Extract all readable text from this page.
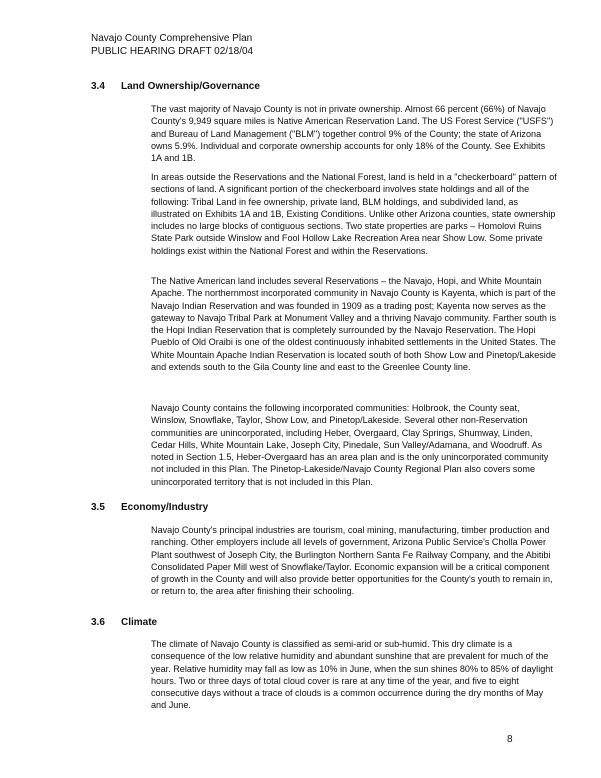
Navajo County Comprehensive Plan
PUBLIC HEARING DRAFT 02/18/04
3.4 Land Ownership/Governance

The vast majority of Navajo County is not in private ownership. Almost 66 percent (66%) of Navajo County's 9,949 square miles is Native American Reservation Land. The US Forest Service ("USFS") and Bureau of Land Management ("BLM") together control 9% of the County; the state of Arizona owns 5.9%. Individual and corporate ownership accounts for only 18% of the County. See Exhibits 1A and 1B.

In areas outside the Reservations and the National Forest, land is held in a "checkerboard" pattern of sections of land. A significant portion of the checkerboard involves state holdings and all of the following: Tribal Land in fee ownership, private land, BLM holdings, and subdivided land, as illustrated on Exhibits 1A and 1B, Existing Conditions. Unlike other Arizona counties, state ownership includes no large blocks of contiguous sections. Two state properties are parks – Homolovi Ruins State Park outside Winslow and Fool Hollow Lake Recreation Area near Show Low. Some private holdings exist within the National Forest and within the Reservations.

The Native American land includes several Reservations – the Navajo, Hopi, and White Mountain Apache. The northernmost incorporated community in Navajo County is Kayenta, which is part of the Navajo Indian Reservation and was founded in 1909 as a trading post; Kayenta now serves as the gateway to Navajo Tribal Park at Monument Valley and a thriving Navajo community. Farther south is the Hopi Indian Reservation that is completely surrounded by the Navajo Reservation. The Hopi Pueblo of Old Oraibi is one of the oldest continuously inhabited settlements in the United States. The White Mountain Apache Indian Reservation is located south of both Show Low and Pinetop/Lakeside and extends south to the Gila County line and east to the Greenlee County line.

Navajo County contains the following incorporated communities: Holbrook, the County seat, Winslow, Snowflake, Taylor, Show Low, and Pinetop/Lakeside. Several other non-Reservation communities are unincorporated, including Heber, Overgaard, Clay Springs, Shumway, Linden, Cedar Hills, White Mountain Lake, Joseph City, Pinedale, Sun Valley/Adamana, and Woodruff. As noted in Section 1.5, Heber-Overgaard has an area plan and is the only unincorporated community not included in this Plan. The Pinetop-Lakeside/Navajo County Regional Plan also covers some unincorporated territory that is not included in this Plan.

3.5 Economy/Industry

Navajo County's principal industries are tourism, coal mining, manufacturing, timber production and ranching. Other employers include all levels of government, Arizona Public Service's Cholla Power Plant southwest of Joseph City, the Burlington Northern Santa Fe Railway Company, and the Abitibi Consolidated Paper Mill west of Snowflake/Taylor. Economic expansion will be a critical component of growth in the County and will also provide better opportunities for the County's youth to remain in, or return to, the area after finishing their schooling.

3.6 Climate

The climate of Navajo County is classified as semi-arid or sub-humid. This dry climate is a consequence of the low relative humidity and abundant sunshine that are prevalent for much of the year. Relative humidity may fall as low as 10% in June, when the sun shines 80% to 85% of daylight hours. Two or three days of total cloud cover is rare at any time of the year, and five to eight consecutive days without a trace of clouds is a common occurrence during the dry months of May and June.

8
